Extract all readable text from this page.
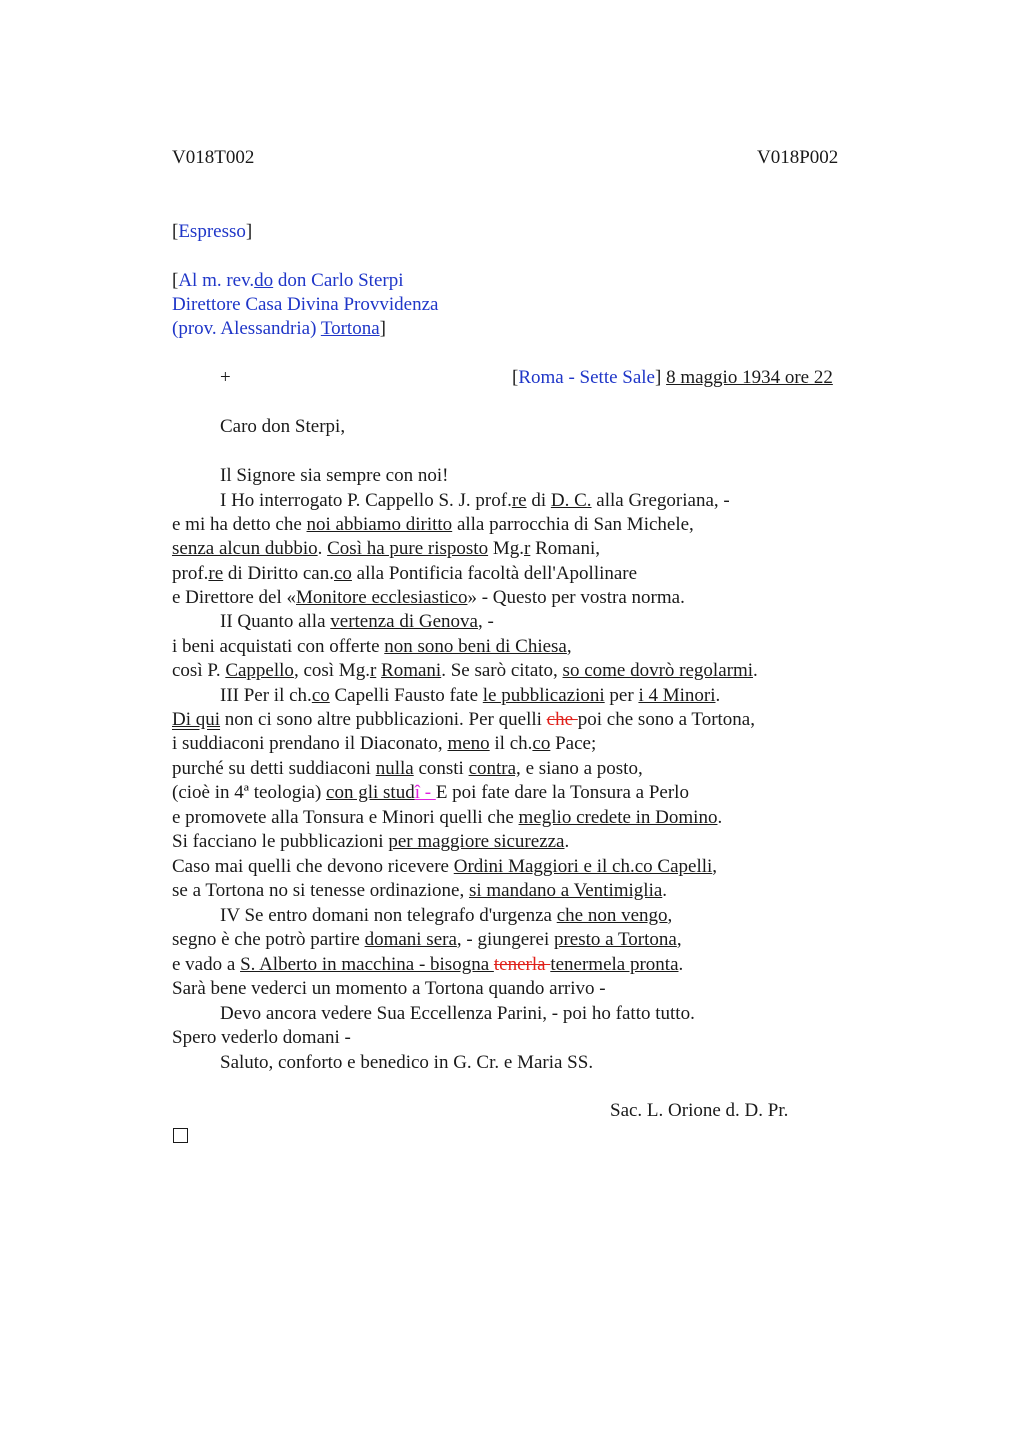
V018T002	V018P002
[Espresso]
[Al m. rev.do don Carlo Sterpi
Direttore Casa Divina Provvidenza
(prov. Alessandria) Tortona]
+	[Roma - Sette Sale] 8 maggio 1934 ore 22
Caro don Sterpi,
Il Signore sia sempre con noi!
I Ho interrogato P. Cappello S. J. prof.re di D. C. alla Gregoriana, -
e mi ha detto che noi abbiamo diritto alla parrocchia di San Michele,
senza alcun dubbio. Così ha pure risposto Mg.r Romani,
prof.re di Diritto can.co alla Pontificia facoltà dell'Apollinare
e Direttore del «Monitore ecclesiastico» - Questo per vostra norma.
II Quanto alla vertenza di Genova, -
i beni acquistati con offerte non sono beni di Chiesa,
così P. Cappello, così Mg.r Romani. Se sarò citato, so come dovrò regolarmi.
III Per il ch.co Capelli Fausto fate le pubblicazioni per i 4 Minori.
Di qui non ci sono altre pubblicazioni. Per quelli che poi che sono a Tortona,
i suddiaconi prendano il Diaconato, meno il ch.co Pace;
purché su detti suddiaconi nulla consti contra, e siano a posto,
(cioè in 4ª teologia) con gli studî - E poi fate dare la Tonsura a Perlo
e promovete alla Tonsura e Minori quelli che meglio credete in Domino.
Si facciano le pubblicazioni per maggiore sicurezza.
Caso mai quelli che devono ricevere Ordini Maggiori e il ch.co Capelli,
se a Tortona no si tenesse ordinazione, si mandano a Ventimiglia.
IV Se entro domani non telegrafo d'urgenza che non vengo,
segno è che potrò partire domani sera, - giungerei presto a Tortona,
e vado a S. Alberto in macchina - bisogna tenerla tenermela pronta.
Sarà bene vederci un momento a Tortona quando arrivo -
Devo ancora vedere Sua Eccellenza Parini, - poi ho fatto tutto.
Spero vederlo domani -
Saluto, conforto e benedico in G. Cr. e Maria SS.
Sac. L. Orione d. D. Pr.
